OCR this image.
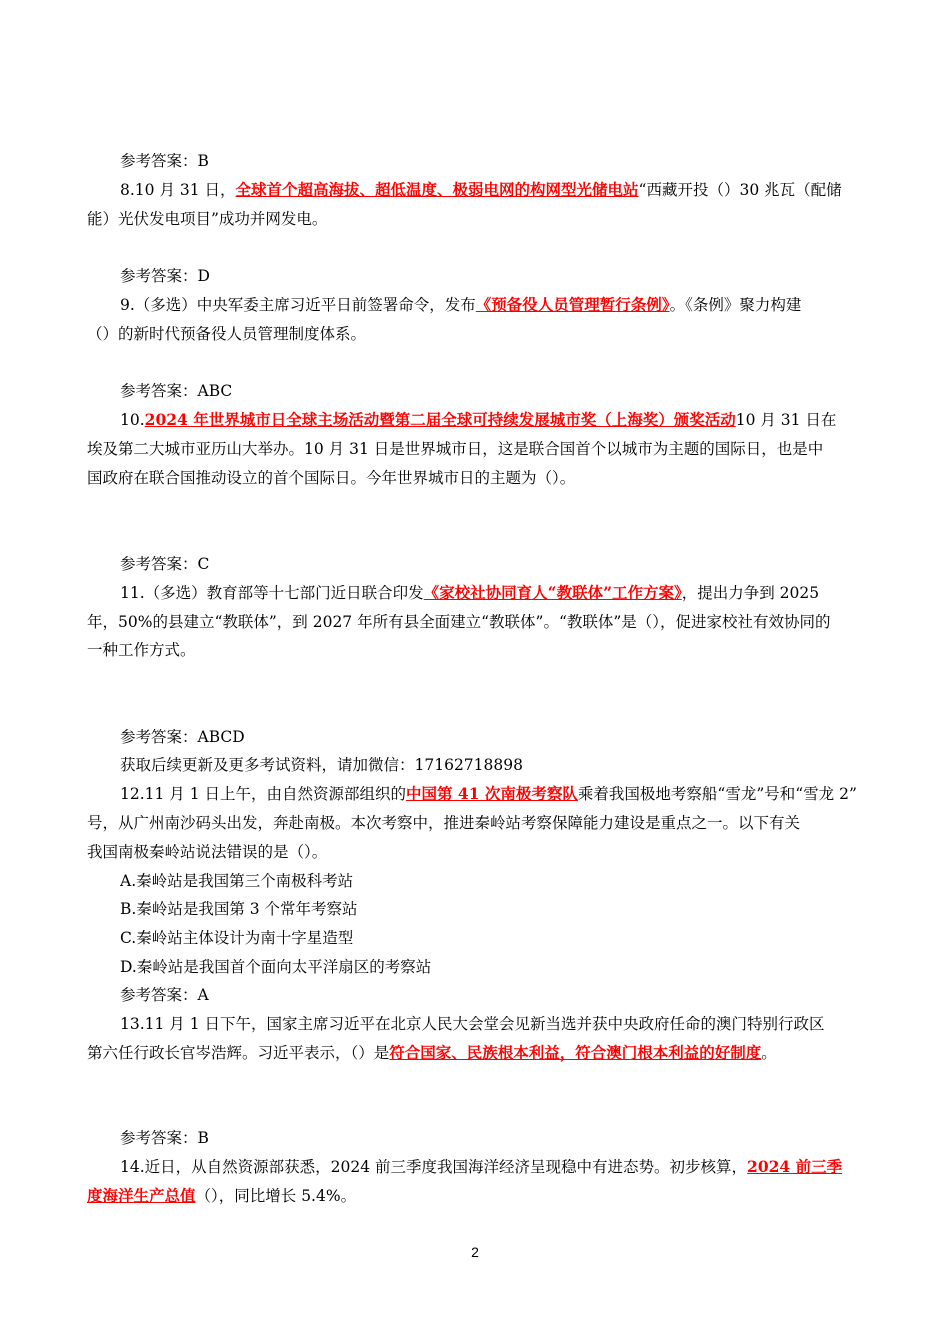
参考答案：B
8.10 月 31 日，全球首个超高海拔、超低温度、极弱电网的构网型光储电站“西藏开投（）30 兆瓦（配储
能）光伏发电项目”成功并网发电。
参考答案：D
9.（多选）中央军委主席习近平日前签署命令，发布《预备役人员管理暂行条例》。《条例》聚力构建
（）的新时代预备役人员管理制度体系。
参考答案：ABC
10.2024 年世界城市日全球主场活动暨第二届全球可持续发展城市奖（上海奖）颁奖活动10 月 31 日在
埃及第二大城市亚历山大举办。10 月 31 日是世界城市日，这是联合国首个以城市为主题的国际日，也是中
国政府在联合国推动设立的首个国际日。今年世界城市日的主题为（）。
参考答案：C
11.（多选）教育部等十七部门近日联合印发《家校社协同育人“教联体”工作方案》，提出力争到 2025
年，50%的县建立“教联体”，到 2027 年所有县全面建立“教联体”。“教联体”是（），促进家校社有效协同的
一种工作方式。
参考答案：ABCD
获取后续更新及更多考试资料，请加微信：17162718898
12.11 月 1 日上午，由自然资源部组织的中国第 41 次南极考察队乘着我国极地考察船“雪龙”号和“雪龙 2”
号，从广州南沙码头出发，奔赴南极。本次考察中，推进秦岭站考察保障能力建设是重点之一。以下有关
我国南极秦岭站说法错误的是（）。
A.秦岭站是我国第三个南极科考站
B.秦岭站是我国第 3 个常年考察站
C.秦岭站主体设计为南十字星造型
D.秦岭站是我国首个面向太平洋扇区的考察站
参考答案：A
13.11 月 1 日下午，国家主席习近平在北京人民大会堂会见新当选并获中央政府任命的澳门特别行政区
第六任行政长官岑浩辉。习近平表示，（）是符合国家、民族根本利益，符合澳门根本利益的好制度。
参考答案：B
14.近日，从自然资源部获悉，2024 前三季度我国海洋经济呈现稳中有进态势。初步核算，2024 前三季
度海洋生产总值（），同比增长 5.4%。
2
